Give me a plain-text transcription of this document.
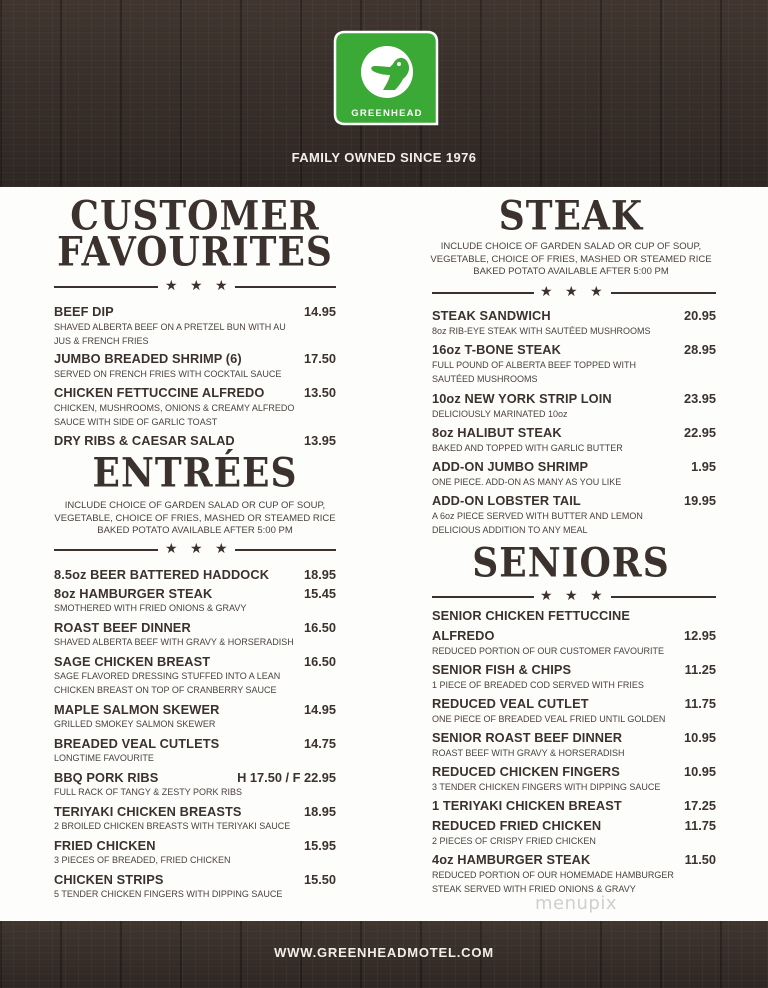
GREENHEAD
FAMILY OWNED SINCE 1976
CUSTOMER
FAVOURITES
★ ★ ★
BEEF DIP	14.95
SHAVED ALBERTA BEEF ON A PRETZEL BUN WITH AU
JUS & FRENCH FRIES
JUMBO BREADED SHRIMP (6)	17.50
SERVED ON FRENCH FRIES WITH COCKTAIL SAUCE
CHICKEN FETTUCCINE ALFREDO	13.50
CHICKEN, MUSHROOMS, ONIONS & CREAMY ALFREDO
SAUCE WITH SIDE OF GARLIC TOAST
DRY RIBS & CAESAR SALAD	13.95
ENTRÉES
INCLUDE CHOICE OF GARDEN SALAD OR CUP OF SOUP,
VEGETABLE, CHOICE OF FRIES, MASHED OR STEAMED RICE
BAKED POTATO AVAILABLE AFTER 5:00 PM
★ ★ ★
8.5oz BEER BATTERED HADDOCK	18.95
8oz HAMBURGER STEAK	15.45
SMOTHERED WITH FRIED ONIONS & GRAVY
ROAST BEEF DINNER	16.50
SHAVED ALBERTA BEEF WITH GRAVY & HORSERADISH
SAGE CHICKEN BREAST	16.50
SAGE FLAVORED DRESSING STUFFED INTO A LEAN
CHICKEN BREAST ON TOP OF CRANBERRY SAUCE
MAPLE SALMON SKEWER	14.95
GRILLED SMOKEY SALMON SKEWER
BREADED VEAL CUTLETS	14.75
LONGTIME FAVOURITE
BBQ PORK RIBS	H 17.50 / F 22.95
FULL RACK OF TANGY & ZESTY PORK RIBS
TERIYAKI CHICKEN BREASTS	18.95
2 BROILED CHICKEN BREASTS WITH TERIYAKI SAUCE
FRIED CHICKEN	15.95
3 PIECES OF BREADED, FRIED CHICKEN
CHICKEN STRIPS	15.50
5 TENDER CHICKEN FINGERS WITH DIPPING SAUCE
STEAK
INCLUDE CHOICE OF GARDEN SALAD OR CUP OF SOUP,
VEGETABLE, CHOICE OF FRIES, MASHED OR STEAMED RICE
BAKED POTATO AVAILABLE AFTER 5:00 PM
★ ★ ★
STEAK SANDWICH	20.95
8oz RIB-EYE STEAK WITH SAUTÉED MUSHROOMS
16oz T-BONE STEAK	28.95
FULL POUND OF ALBERTA BEEF TOPPED WITH
SAUTÉED MUSHROOMS
10oz NEW YORK STRIP LOIN	23.95
DELICIOUSLY MARINATED 10oz
8oz HALIBUT STEAK	22.95
BAKED AND TOPPED WITH GARLIC BUTTER
ADD-ON JUMBO SHRIMP	1.95
ONE PIECE. ADD-ON AS MANY AS YOU LIKE
ADD-ON LOBSTER TAIL	19.95
A 6oz PIECE SERVED WITH BUTTER AND LEMON
DELICIOUS ADDITION TO ANY MEAL
SENIORS
★ ★ ★
SENIOR CHICKEN FETTUCCINE
ALFREDO	12.95
REDUCED PORTION OF OUR CUSTOMER FAVOURITE
SENIOR FISH & CHIPS	11.25
1 PIECE OF BREADED COD SERVED WITH FRIES
REDUCED VEAL CUTLET	11.75
ONE PIECE OF BREADED VEAL FRIED UNTIL GOLDEN
SENIOR ROAST BEEF DINNER	10.95
ROAST BEEF WITH GRAVY & HORSERADISH
REDUCED CHICKEN FINGERS	10.95
3 TENDER CHICKEN FINGERS WITH DIPPING SAUCE
1 TERIYAKI CHICKEN BREAST	17.25
REDUCED FRIED CHICKEN	11.75
2 PIECES OF CRISPY FRIED CHICKEN
4oz HAMBURGER STEAK	11.50
REDUCED PORTION OF OUR HOMEMADE HAMBURGER
STEAK SERVED WITH FRIED ONIONS & GRAVY
menupix
WWW.GREENHEADMOTEL.COM
